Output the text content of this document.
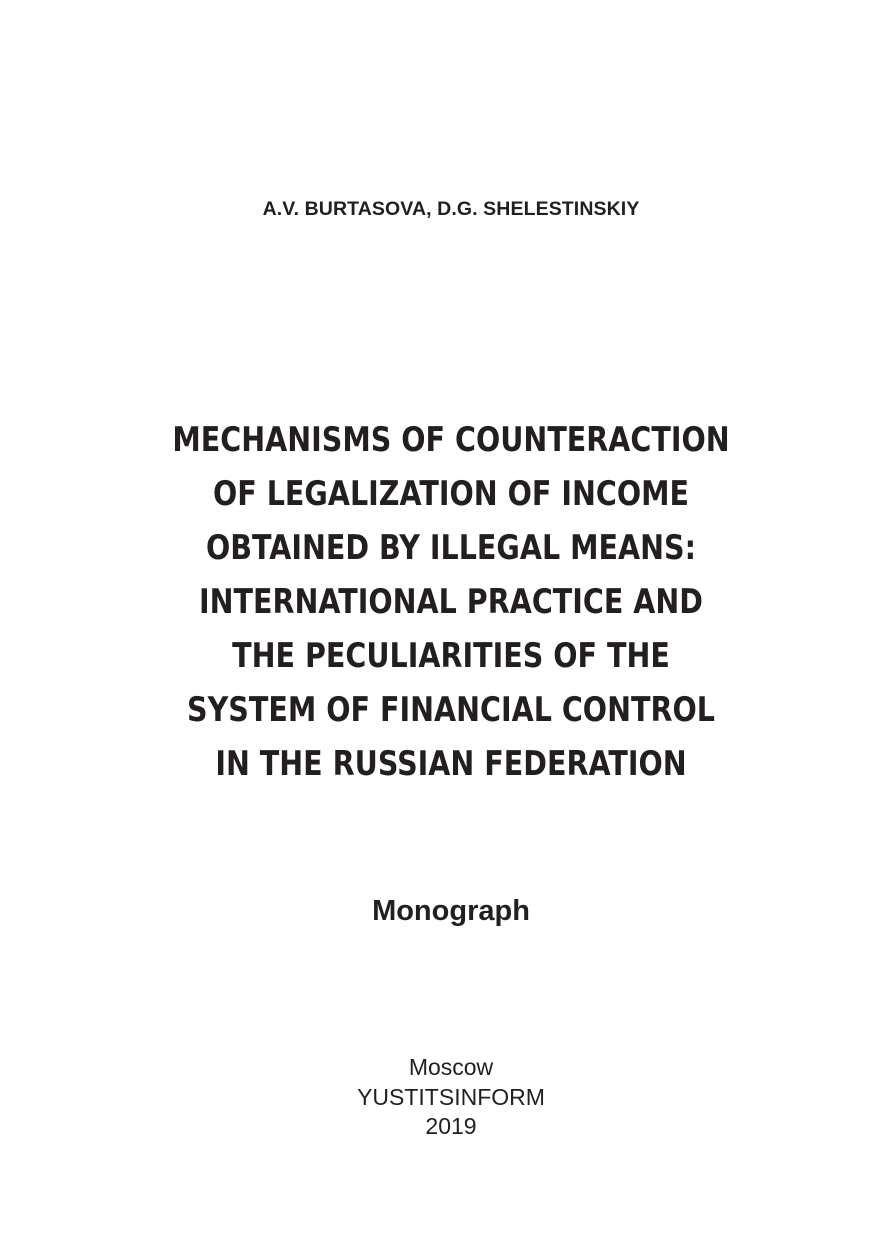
A.V. BURTASOVA, D.G. SHELESTINSKIY
MECHANISMS OF COUNTERACTION
OF LEGALIZATION OF INCOME
OBTAINED BY ILLEGAL MEANS:
INTERNATIONAL PRACTICE AND
THE PECULIARITIES OF THE
SYSTEM OF FINANCIAL CONTROL
IN THE RUSSIAN FEDERATION
Monograph
Moscow
YUSTITSINFORM
2019
